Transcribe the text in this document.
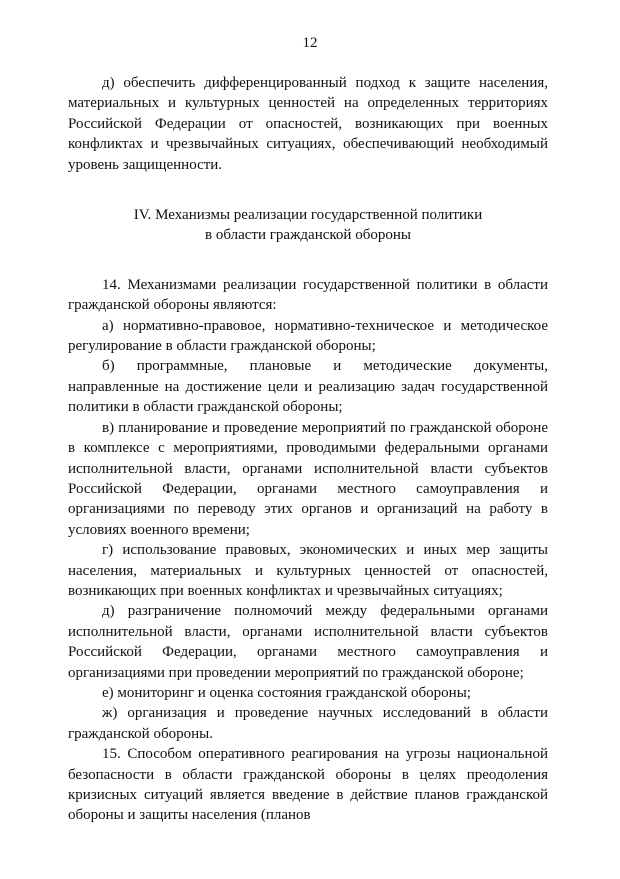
12

д) обеспечить дифференцированный подход к защите населения, материальных и культурных ценностей на определенных территориях Российской Федерации от опасностей, возникающих при военных конфликтах и чрезвычайных ситуациях, обеспечивающий необходимый уровень защищенности.

IV. Механизмы реализации государственной политики
в области гражданской обороны

14. Механизмами реализации государственной политики в области гражданской обороны являются:

а) нормативно-правовое, нормативно-техническое и методическое регулирование в области гражданской обороны;

б) программные, плановые и методические документы, направленные на достижение цели и реализацию задач государственной политики в области гражданской обороны;

в) планирование и проведение мероприятий по гражданской обороне в комплексе с мероприятиями, проводимыми федеральными органами исполнительной власти, органами исполнительной власти субъектов Российской Федерации, органами местного самоуправления и организациями по переводу этих органов и организаций на работу в условиях военного времени;

г) использование правовых, экономических и иных мер защиты населения, материальных и культурных ценностей от опасностей, возникающих при военных конфликтах и чрезвычайных ситуациях;

д) разграничение полномочий между федеральными органами исполнительной власти, органами исполнительной власти субъектов Российской Федерации, органами местного самоуправления и организациями при проведении мероприятий по гражданской обороне;

е) мониторинг и оценка состояния гражданской обороны;

ж) организация и проведение научных исследований в области гражданской обороны.

15. Способом оперативного реагирования на угрозы национальной безопасности в области гражданской обороны в целях преодоления кризисных ситуаций является введение в действие планов гражданской обороны и защиты населения (планов
